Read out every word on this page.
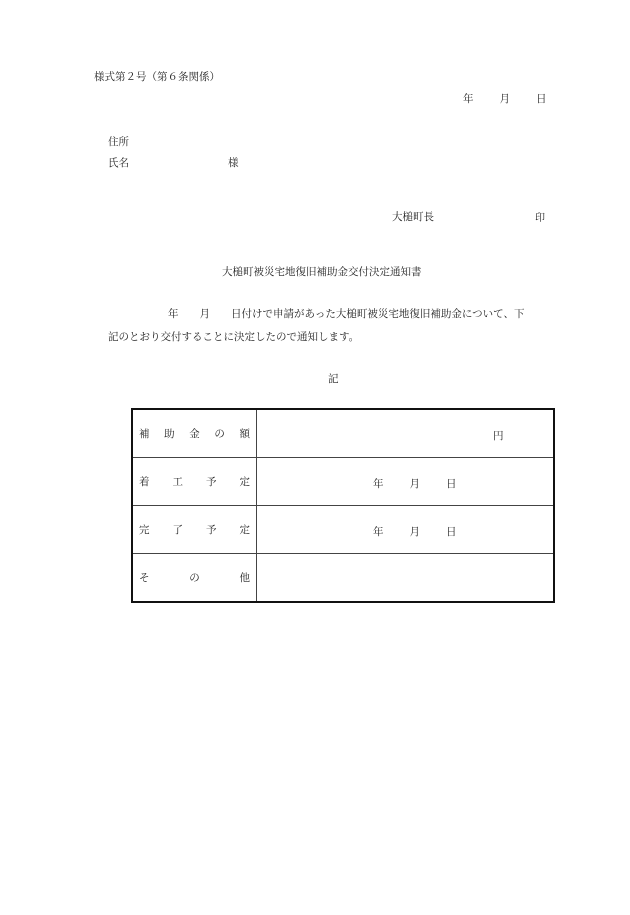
様式第２号（第６条関係）
年 月 日
住所
氏名	様
大槌町長	印
大槌町被災宅地復旧補助金交付決定通知書
年　　月　　日付けで申請があった大槌町被災宅地復旧補助金について、下
記のとおり交付することに決定したので通知します。
記
補 助 金 の 額	円

着 工 予 定	年 月 日

完 了 予 定	年 月 日

そ の 他	
